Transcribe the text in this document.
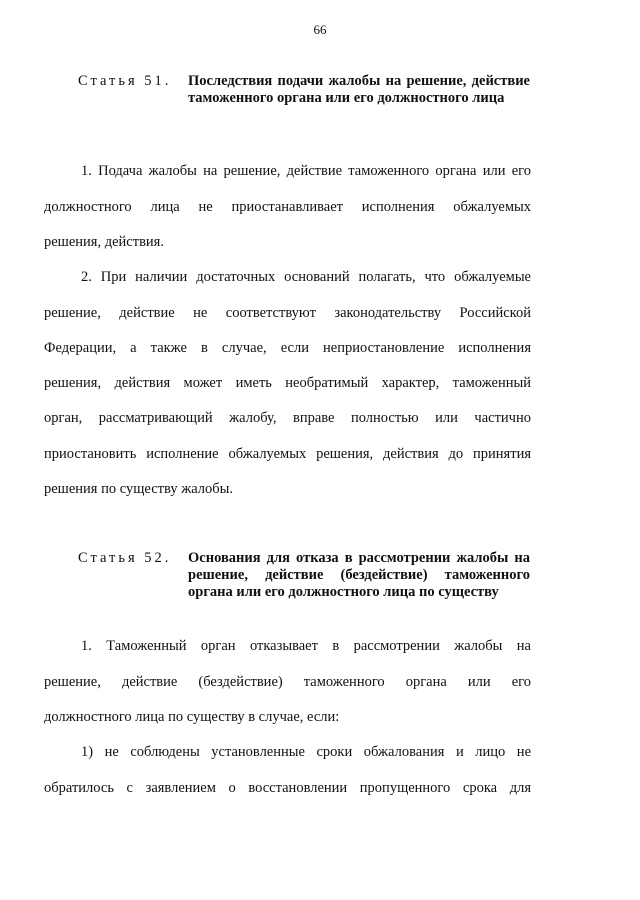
66
Статья 51. Последствия подачи жалобы на решение, действие таможенного органа или его должностного лица
1. Подача жалобы на решение, действие таможенного органа или его
должностного лица не приостанавливает исполнения обжалуемых
решения, действия.
2. При наличии достаточных оснований полагать, что обжалуемые
решение, действие не соответствуют законодательству Российской
Федерации, а также в случае, если неприостановление исполнения
решения, действия может иметь необратимый характер, таможенный
орган, рассматривающий жалобу, вправе полностью или частично
приостановить исполнение обжалуемых решения, действия до принятия
решения по существу жалобы.
Статья 52. Основания для отказа в рассмотрении жалобы на решение, действие (бездействие) таможенного органа или его должностного лица по существу
1. Таможенный орган отказывает в рассмотрении жалобы на
решение, действие (бездействие) таможенного органа или его
должностного лица по существу в случае, если:
1) не соблюдены установленные сроки обжалования и лицо не
обратилось с заявлением о восстановлении пропущенного срока для
